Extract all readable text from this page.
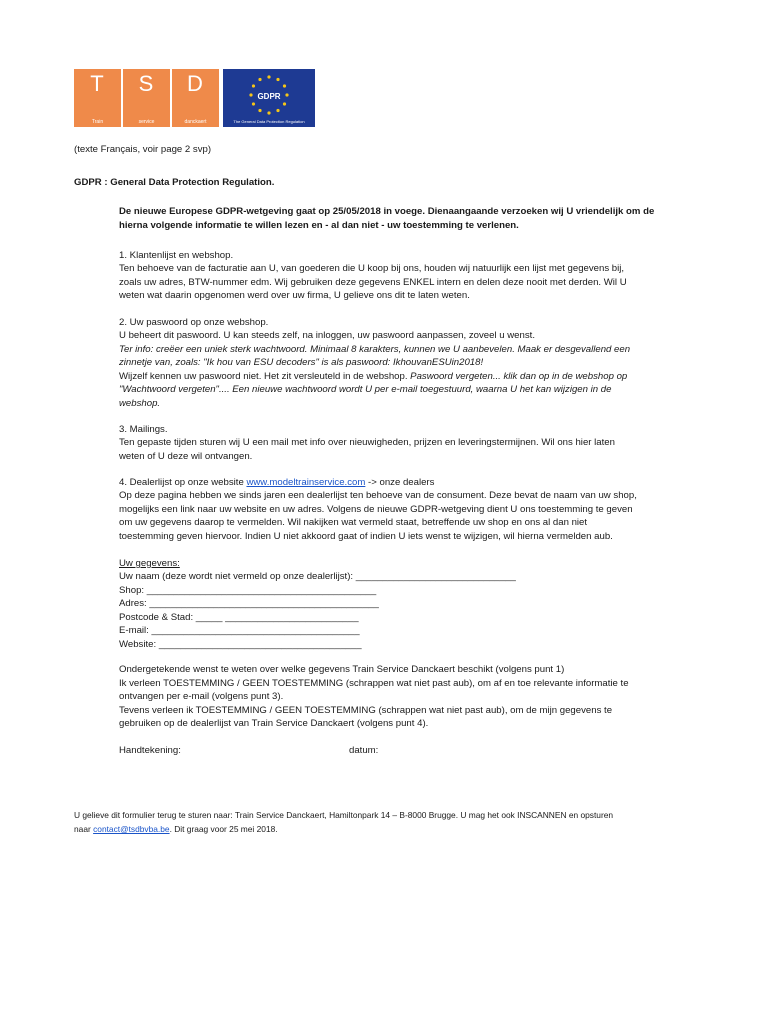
T
Train
S
service
D
danckaert
GDPR
The General Data Protection Regulation
(texte Français, voir page 2 svp)
GDPR : General Data Protection Regulation.
De nieuwe Europese GDPR-wetgeving gaat op 25/05/2018 in voege. Dienaangaande verzoeken wij U vriendelijk om de
hierna volgende informatie te willen lezen en - al dan niet - uw toestemming te verlenen.
1. Klantenlijst en webshop.
Ten behoeve van de facturatie aan U, van goederen die U koop bij ons, houden wij natuurlijk een lijst met gegevens bij,
zoals uw adres, BTW-nummer edm. Wij gebruiken deze gegevens ENKEL intern en delen deze nooit met derden. Wil U
weten wat daarin opgenomen werd over uw firma, U gelieve ons dit te laten weten.
2. Uw paswoord op onze webshop.
U beheert dit paswoord. U kan steeds zelf, na inloggen, uw paswoord aanpassen, zoveel u wenst.
Ter info: creëer een uniek sterk wachtwoord. Minimaal 8 karakters, kunnen we U aanbevelen. Maak er desgevallend een
zinnetje van, zoals: "Ik hou van ESU decoders" is als paswoord: IkhouvanESUin2018!
Wijzelf kennen uw paswoord niet. Het zit versleuteld in de webshop. Paswoord vergeten... klik dan op in de webshop op
"Wachtwoord vergeten".... Een nieuwe wachtwoord wordt U per e-mail toegestuurd, waarna U het kan wijzigen in de
webshop.
3. Mailings.
Ten gepaste tijden sturen wij U een mail met info over nieuwigheden, prijzen en leveringstermijnen. Wil ons hier laten
weten of U deze wil ontvangen.
4. Dealerlijst op onze website www.modeltrainservice.com -> onze dealers
Op deze pagina hebben we sinds jaren een dealerlijst ten behoeve van de consument. Deze bevat de naam van uw shop,
mogelijks een link naar uw website en uw adres. Volgens de nieuwe GDPR-wetgeving dient U ons toestemming te geven
om uw gegevens daarop te vermelden. Wil nakijken wat vermeld staat, betreffende uw shop en ons al dan niet
toestemming geven hiervoor. Indien U niet akkoord gaat of indien U iets wenst te wijzigen, wil hierna vermelden aub.
Uw gegevens:
Uw naam (deze wordt niet vermeld op onze dealerlijst): ______________________________
Shop: ___________________________________________
Adres: ___________________________________________
Postcode & Stad: _____ _________________________
E-mail: _______________________________________
Website: ______________________________________
Ondergetekende wenst te weten over welke gegevens Train Service Danckaert beschikt (volgens punt 1)
Ik verleen TOESTEMMING / GEEN TOESTEMMING (schrappen wat niet past aub), om af en toe relevante informatie te
ontvangen per e-mail (volgens punt 3).
Tevens verleen ik TOESTEMMING / GEEN TOESTEMMING (schrappen wat niet past aub), om de mijn gegevens te
gebruiken op de dealerlijst van Train Service Danckaert (volgens punt 4).
Handtekening:	datum:
U gelieve dit formulier terug te sturen naar: Train Service Danckaert, Hamiltonpark 14 – B-8000 Brugge. U mag het ook INSCANNEN en opsturen
naar contact@tsdbvba.be. Dit graag voor 25 mei 2018.
